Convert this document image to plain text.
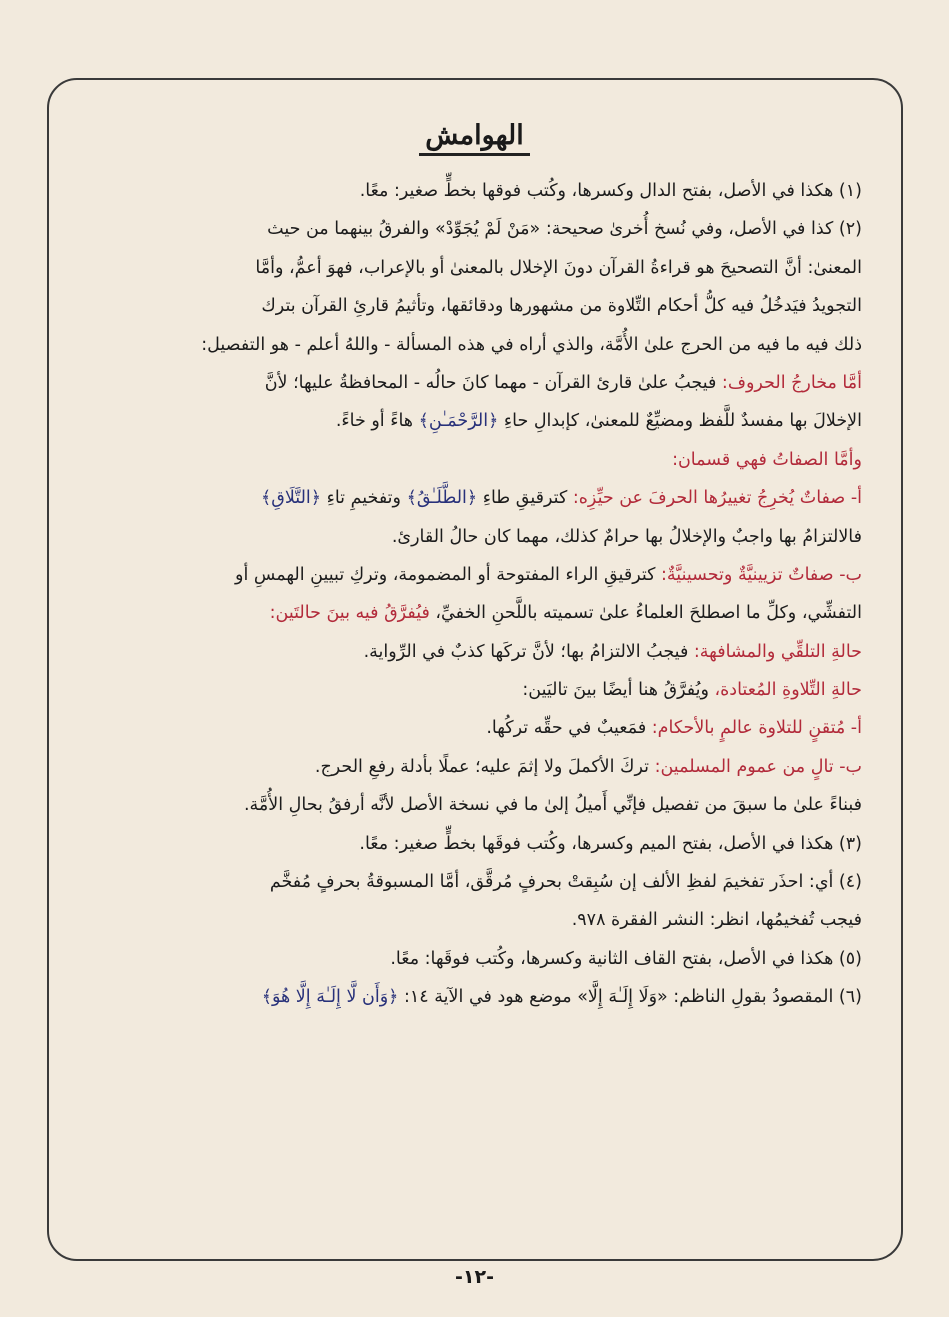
الهوامش
(١) هكذا في الأصل، بفتح الدال وكسرها، وكُتب فوقها بخطٍّ صغير: معًا.
(٢) كذا في الأصل، وفي نُسخ أُخرىٰ صحيحة: «مَنْ لَمْ يُجَوِّدْ» والفرقُ بينهما من حيث
المعنىٰ: أنَّ التصحيحَ هو قراءةُ القرآن دونَ الإخلال بالمعنىٰ أو بالإعراب، فهوَ أعمُّ، وأمَّا
التجويدُ فيَدخُلُ فيه كلُّ أحكام التِّلاوة من مشهورها ودقائقها، وتأثيمُ قارئِ القرآن بترك
ذلك فيه ما فيه من الحرج علىٰ الأُمَّة، والذي أراه في هذه المسألة - واللهُ أعلم - هو التفصيل:
أمَّا مخارجُ الحروف: فيجبُ علىٰ قارئ القرآن - مهما كانَ حالُه - المحافظةُ عليها؛ لأنَّ
الإخلالَ بها مفسدٌ للَّفظ ومضيِّعٌ للمعنىٰ، كإبدالِ حاءِ ﴿الرَّحْمَـٰنِ﴾ هاءً أو خاءً.
وأمَّا الصفاتُ فهي قسمان:
أ- صفاتٌ يُخرِجُ تغييرُها الحرفَ عن حيِّزِه: كترقيقِ طاءِ ﴿الطَّلَـٰقُ﴾ وتفخيمِ تاءِ ﴿التَّلَاقِ﴾
فالالتزامُ بها واجبٌ والإخلالُ بها حرامٌ كذلك، مهما كان حالُ القارئ.
ب- صفاتٌ تزيينيَّةٌ وتحسينيَّةٌ: كترقيقِ الراء المفتوحة أو المضمومة، وتركِ تبيينِ الهمسِ أو
التفشِّي، وكلِّ ما اصطلحَ العلماءُ علىٰ تسميته باللَّحنِ الخفيِّ، فيُفرَّقُ فيه بينَ حالتَين:
حالةِ التلقِّي والمشافهة: فيجبُ الالتزامُ بها؛ لأنَّ تركَها كذبٌ في الرِّواية.
حالةِ التِّلاوةِ المُعتادة، ويُفرَّقُ هنا أيضًا بينَ تاليَين:
أ- مُتقنٍ للتلاوة عالمٍ بالأحكام: فمَعيبٌ في حقِّه تركُها.
ب- تالٍ من عموم المسلمين: تركَ الأكملَ ولا إثمَ عليه؛ عملًا بأدلة رفعِ الحرج.
فبناءً علىٰ ما سبقَ من تفصيل فإنِّي أَميلُ إلىٰ ما في نسخة الأصل لأنَّه أرفقُ بحالِ الأُمَّة.
(٣) هكذا في الأصل، بفتح الميم وكسرها، وكُتب فوقَها بخطٍّ صغير: معًا.
(٤) أي: احذَر تفخيمَ لفظِ الألف إن سُبِقتْ بحرفٍ مُرقَّق، أمَّا المسبوقةُ بحرفٍ مُفخَّم
فيجب تُفخيمُها، انظر: النشر الفقرة ٩٧٨.
(٥) هكذا في الأصل، بفتح القاف الثانية وكسرها، وكُتب فوقَها: معًا.
(٦) المقصودُ بقولِ الناظم: «وَلَا إِلَـٰهَ إِلَّا» موضع هود في الآية ١٤: ﴿وَأَن لَّا إِلَـٰهَ إِلَّا هُوَ﴾
-١٢-
